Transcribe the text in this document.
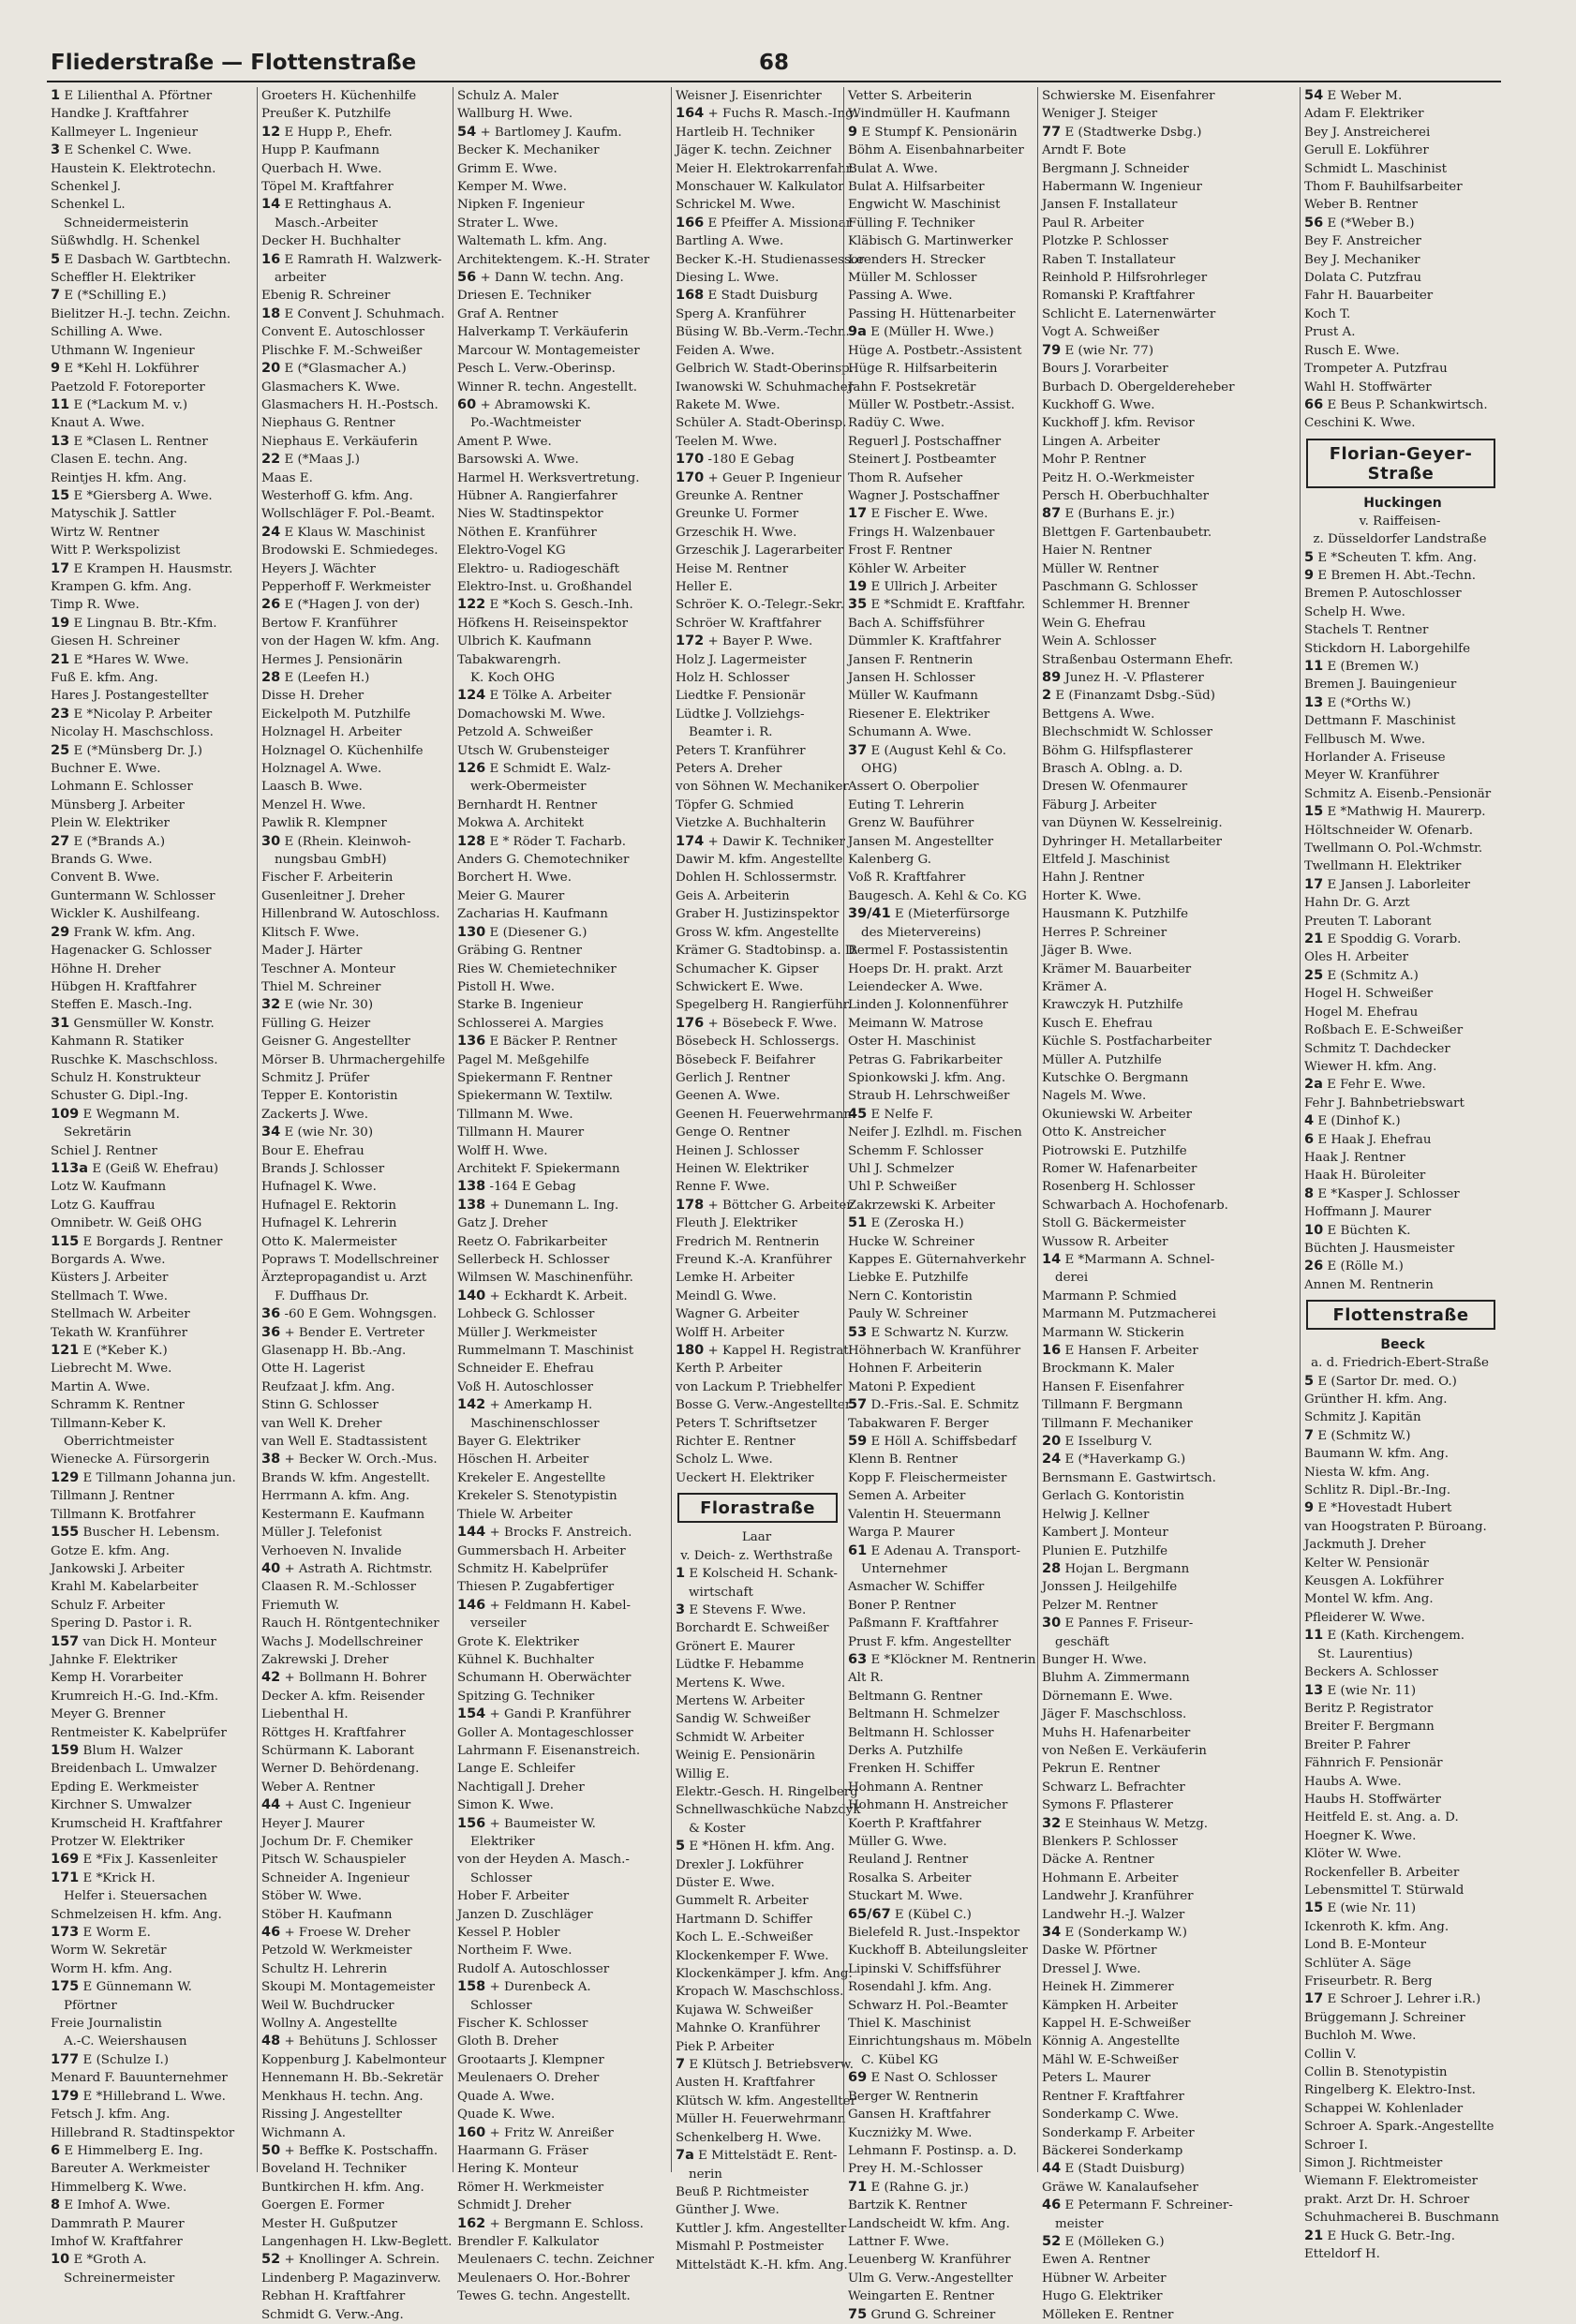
Fliederstraße — Flottenstraße	68
1 E Lilienthal A. Pförtner
Handke J. Kraftfahrer
Kallmeyer L. Ingenieur
3 E Schenkel C. Wwe.
Haustein K. Elektrotechn.
Schenkel J.
Schenkel L.
Schneidermeisterin
Süßwhdlg. H. Schenkel
5 E Dasbach W. Gartbtechn.
Scheffler H. Elektriker
7 E (*Schilling E.)
Bielitzer H.-J. techn. Zeichn.
Schilling A. Wwe.
Uthmann W. Ingenieur
9 E *Kehl H. Lokführer
Paetzold F. Fotoreporter
11 E (*Lackum M. v.)
Knaut A. Wwe.
13 E *Clasen L. Rentner
Clasen E. techn. Ang.
Reintjes H. kfm. Ang.
15 E *Giersberg A. Wwe.
Matyschik J. Sattler
Wirtz W. Rentner
Witt P. Werkspolizist
17 E Krampen H. Hausmstr.
Krampen G. kfm. Ang.
Timp R. Wwe.
19 E Lingnau B. Btr.-Kfm.
Giesen H. Schreiner
21 E *Hares W. Wwe.
Fuß E. kfm. Ang.
Hares J. Postangestellter
23 E *Nicolay P. Arbeiter
Nicolay H. Maschschloss.
25 E (*Münsberg Dr. J.)
Buchner E. Wwe.
Lohmann E. Schlosser
Münsberg J. Arbeiter
Plein W. Elektriker
27 E (*Brands A.)
Brands G. Wwe.
Convent B. Wwe.
Guntermann W. Schlosser
Wickler K. Aushilfeang.
29 Frank W. kfm. Ang.
Hagenacker G. Schlosser
Höhne H. Dreher
Hübgen H. Kraftfahrer
Steffen E. Masch.-Ing.
31 Gensmüller W. Konstr.
Kahmann R. Statiker
Ruschke K. Maschschloss.
Schulz H. Konstrukteur
Schuster G. Dipl.-Ing.
109 E Wegmann M.
Sekretärin
Schiel J. Rentner
113a E (Geiß W. Ehefrau)
Lotz W. Kaufmann
Lotz G. Kauffrau
Omnibetr. W. Geiß OHG
115 E Borgards J. Rentner
Borgards A. Wwe.
Küsters J. Arbeiter
Stellmach T. Wwe.
Stellmach W. Arbeiter
Tekath W. Kranführer
121 E (*Keber K.)
Liebrecht M. Wwe.
Martin A. Wwe.
Schramm K. Rentner
Tillmann-Keber K.
Oberrichtmeister
Wienecke A. Fürsorgerin
129 E Tillmann Johanna jun.
Tillmann J. Rentner
Tillmann K. Brotfahrer
155 Buscher H. Lebensm.
Gotze E. kfm. Ang.
Jankowski J. Arbeiter
Krahl M. Kabelarbeiter
Schulz F. Arbeiter
Spering D. Pastor i. R.
157 van Dick H. Monteur
Jahnke F. Elektriker
Kemp H. Vorarbeiter
Krumreich H.-G. Ind.-Kfm.
Meyer G. Brenner
Rentmeister K. Kabelprüfer
159 Blum H. Walzer
Breidenbach L. Umwalzer
Epding E. Werkmeister
Kirchner S. Umwalzer
Krumscheid H. Kraftfahrer
Protzer W. Elektriker
169 E *Fix J. Kassenleiter
171 E *Krick H.
Helfer i. Steuersachen
Schmelzeisen H. kfm. Ang.
173 E Worm E.
Worm W. Sekretär
Worm H. kfm. Ang.
175 E Günnemann W.
Pförtner
Freie Journalistin
A.-C. Weiershausen
177 E (Schulze I.)
Menard F. Bauunternehmer
179 E *Hillebrand L. Wwe.
Fetsch J. kfm. Ang.
Hillebrand R. Stadtinspektor
6 E Himmelberg E. Ing.
Bareuter A. Werkmeister
Himmelberg K. Wwe.
8 E Imhof A. Wwe.
Dammrath P. Maurer
Imhof W. Kraftfahrer
10 E *Groth A.
Schreinermeister
Groeters H. Küchenhilfe
Preußer K. Putzhilfe
12 E Hupp P., Ehefr.
Hupp P. Kaufmann
Querbach H. Wwe.
Töpel M. Kraftfahrer
14 E Rettinghaus A.
Masch.-Arbeiter
Decker H. Buchhalter
16 E Ramrath H. Walzwerk-
arbeiter
Ebenig R. Schreiner
18 E Convent J. Schuhmach.
Convent E. Autoschlosser
Plischke F. M.-Schweißer
20 E (*Glasmacher A.)
Glasmachers K. Wwe.
Glasmachers H. H.-Postsch.
Niephaus G. Rentner
Niephaus E. Verkäuferin
22 E (*Maas J.)
Maas E.
Westerhoff G. kfm. Ang.
Wollschläger F. Pol.-Beamt.
24 E Klaus W. Maschinist
Brodowski E. Schmiedeges.
Heyers J. Wächter
Pepperhoff F. Werkmeister
26 E (*Hagen J. von der)
Bertow F. Kranführer
von der Hagen W. kfm. Ang.
Hermes J. Pensionärin
28 E (Leefen H.)
Disse H. Dreher
Eickelpoth M. Putzhilfe
Holznagel H. Arbeiter
Holznagel O. Küchenhilfe
Holznagel A. Wwe.
Laasch B. Wwe.
Menzel H. Wwe.
Pawlik R. Klempner
30 E (Rhein. Kleinwoh-
nungsbau GmbH)
Fischer F. Arbeiterin
Gusenleitner J. Dreher
Hillenbrand W. Autoschloss.
Klitsch F. Wwe.
Mader J. Härter
Teschner A. Monteur
Thiel M. Schreiner
32 E (wie Nr. 30)
Fülling G. Heizer
Geisner G. Angestellter
Mörser B. Uhrmachergehilfe
Schmitz J. Prüfer
Tepper E. Kontoristin
Zackerts J. Wwe.
34 E (wie Nr. 30)
Bour E. Ehefrau
Brands J. Schlosser
Hufnagel K. Wwe.
Hufnagel E. Rektorin
Hufnagel K. Lehrerin
Otto K. Malermeister
Popraws T. Modellschreiner
Ärztepropagandist u. Arzt
F. Duffhaus Dr.
36 -60 E Gem. Wohngsgen.
36 + Bender E. Vertreter
Glasenapp H. Bb.-Ang.
Otte H. Lagerist
Reufzaat J. kfm. Ang.
Stinn G. Schlosser
van Well K. Dreher
van Well E. Stadtassistent
38 + Becker W. Orch.-Mus.
Brands W. kfm. Angestellt.
Herrmann A. kfm. Ang.
Kestermann E. Kaufmann
Müller J. Telefonist
Verhoeven N. Invalide
40 + Astrath A. Richtmstr.
Claasen R. M.-Schlosser
Friemuth W.
Rauch H. Röntgentechniker
Wachs J. Modellschreiner
Zakrewski J. Dreher
42 + Bollmann H. Bohrer
Decker A. kfm. Reisender
Liebenthal H.
Röttges H. Kraftfahrer
Schürmann K. Laborant
Werner D. Behördenang.
Weber A. Rentner
44 + Aust C. Ingenieur
Heyer J. Maurer
Jochum Dr. F. Chemiker
Pitsch W. Schauspieler
Schneider A. Ingenieur
Stöber W. Wwe.
Stöber H. Kaufmann
46 + Froese W. Dreher
Petzold W. Werkmeister
Schultz H. Lehrerin
Skoupi M. Montagemeister
Weil W. Buchdrucker
Wollny A. Angestellte
48 + Behütuns J. Schlosser
Koppenburg J. Kabelmonteur
Hennemann H. Bb.-Sekretär
Menkhaus H. techn. Ang.
Rissing J. Angestellter
Wichmann A.
50 + Beffke K. Postschaffn.
Boveland H. Techniker
Buntkirchen H. kfm. Ang.
Goergen E. Former
Mester H. Gußputzer
Langenhagen H. Lkw-Beglett.
52 + Knollinger A. Schrein.
Lindenberg P. Magazinverw.
Rebhan H. Kraftfahrer
Schmidt G. Verw.-Ang.
Schulz A. Maler
Wallburg H. Wwe.
54 + Bartlomey J. Kaufm.
Becker K. Mechaniker
Grimm E. Wwe.
Kemper M. Wwe.
Nipken F. Ingenieur
Strater L. Wwe.
Waltemath L. kfm. Ang.
Architektengem. K.-H. Strater
56 + Dann W. techn. Ang.
Driesen E. Techniker
Graf A. Rentner
Halverkamp T. Verkäuferin
Marcour W. Montagemeister
Pesch L. Verw.-Oberinsp.
Winner R. techn. Angestellt.
60 + Abramowski K.
Po.-Wachtmeister
Ament P. Wwe.
Barsowski A. Wwe.
Harmel H. Werksvertretung.
Hübner A. Rangierfahrer
Nies W. Stadtinspektor
Nöthen E. Kranführer
Elektro-Vogel KG
Elektro- u. Radiogeschäft
Elektro-Inst. u. Großhandel
122 E *Koch S. Gesch.-Inh.
Höfkens H. Reiseinspektor
Ulbrich K. Kaufmann
Tabakwarengrh.
K. Koch OHG
124 E Tölke A. Arbeiter
Domachowski M. Wwe.
Petzold A. Schweißer
Utsch W. Grubensteiger
126 E Schmidt E. Walz-
werk-Obermeister
Bernhardt H. Rentner
Mokwa A. Architekt
128 E * Röder T. Facharb.
Anders G. Chemotechniker
Borchert H. Wwe.
Meier G. Maurer
Zacharias H. Kaufmann
130 E (Diesener G.)
Gräbing G. Rentner
Ries W. Chemietechniker
Pistoll H. Wwe.
Starke B. Ingenieur
Schlosserei A. Margies
136 E Bäcker P. Rentner
Pagel M. Meßgehilfe
Spiekermann F. Rentner
Spiekermann W. Textilw.
Tillmann M. Wwe.
Tillmann H. Maurer
Wolff H. Wwe.
Architekt F. Spiekermann
138 -164 E Gebag
138 + Dunemann L. Ing.
Gatz J. Dreher
Reetz O. Fabrikarbeiter
Sellerbeck H. Schlosser
Wilmsen W. Maschinenführ.
140 + Eckhardt K. Arbeit.
Lohbeck G. Schlosser
Müller J. Werkmeister
Rummelmann T. Maschinist
Schneider E. Ehefrau
Voß H. Autoschlosser
142 + Amerkamp H.
Maschinenschlosser
Bayer G. Elektriker
Höschen H. Arbeiter
Krekeler E. Angestellte
Krekeler S. Stenotypistin
Thiele W. Arbeiter
144 + Brocks F. Anstreich.
Gummersbach H. Arbeiter
Schmitz H. Kabelprüfer
Thiesen P. Zugabfertiger
146 + Feldmann H. Kabel-
verseiler
Grote K. Elektriker
Kühnel K. Buchhalter
Schumann H. Oberwächter
Spitzing G. Techniker
154 + Gandi P. Kranführer
Goller A. Montageschlosser
Lahrmann F. Eisenanstreich.
Lange E. Schleifer
Nachtigall J. Dreher
Simon K. Wwe.
156 + Baumeister W.
Elektriker
von der Heyden A. Masch.-
Schlosser
Hober F. Arbeiter
Janzen D. Zuschläger
Kessel P. Hobler
Northeim F. Wwe.
Rudolf A. Autoschlosser
158 + Durenbeck A.
Schlosser
Fischer K. Schlosser
Gloth B. Dreher
Grootaarts J. Klempner
Meulenaers O. Dreher
Quade A. Wwe.
Quade K. Wwe.
160 + Fritz W. Anreißer
Haarmann G. Fräser
Hering K. Monteur
Römer H. Werkmeister
Schmidt J. Dreher
162 + Bergmann E. Schloss.
Brendler F. Kalkulator
Meulenaers C. techn. Zeichner
Meulenaers O. Hor.-Bohrer
Tewes G. techn. Angestellt.
Weisner J. Eisenrichter
164 + Fuchs R. Masch.-Ing.
Hartleib H. Techniker
Jäger K. techn. Zeichner
Meier H. Elektrokarrenfahr.
Monschauer W. Kalkulator
Schrickel M. Wwe.
166 E Pfeiffer A. Missionar
Bartling A. Wwe.
Becker K.-H. Studienassessor
Diesing L. Wwe.
168 E Stadt Duisburg
Sperg A. Kranführer
Büsing W. Bb.-Verm.-Techn.
Feiden A. Wwe.
Gelbrich W. Stadt-Oberinsp.
Iwanowski W. Schuhmacher
Rakete M. Wwe.
Schüler A. Stadt-Oberinsp.
Teelen M. Wwe.
170 -180 E Gebag
170 + Geuer P. Ingenieur
Greunke A. Rentner
Greunke U. Former
Grzeschik H. Wwe.
Grzeschik J. Lagerarbeiter
Heise M. Rentner
Heller E.
Schröer K. O.-Telegr.-Sekr.
Schröer W. Kraftfahrer
172 + Bayer P. Wwe.
Holz J. Lagermeister
Holz H. Schlosser
Liedtke F. Pensionär
Lüdtke J. Vollziehgs-
Beamter i. R.
Peters T. Kranführer
Peters A. Dreher
von Söhnen W. Mechaniker
Töpfer G. Schmied
Vietzke A. Buchhalterin
174 + Dawir K. Techniker
Dawir M. kfm. Angestellte
Dohlen H. Schlossermstr.
Geis A. Arbeiterin
Graber H. Justizinspektor
Gross W. kfm. Angestellte
Krämer G. Stadtobinsp. a. D.
Schumacher K. Gipser
Schwickert E. Wwe.
Spegelberg H. Rangierführ.
176 + Bösebeck F. Wwe.
Bösebeck H. Schlossergs.
Bösebeck F. Beifahrer
Gerlich J. Rentner
Geenen A. Wwe.
Geenen H. Feuerwehrmann
Genge O. Rentner
Heinen J. Schlosser
Heinen W. Elektriker
Renne F. Wwe.
178 + Böttcher G. Arbeiter
Fleuth J. Elektriker
Fredrich M. Rentnerin
Freund K.-A. Kranführer
Lemke H. Arbeiter
Meindl G. Wwe.
Wagner G. Arbeiter
Wolff H. Arbeiter
180 + Kappel H. Registrat.
Kerth P. Arbeiter
von Lackum P. Triebhelfer
Bosse G. Verw.-Angestellter
Peters T. Schriftsetzer
Richter E. Rentner
Scholz L. Wwe.
Ueckert H. Elektriker
Florastraße
Laar
v. Deich- z. Werthstraße
1 E Kolscheid H. Schank-
wirtschaft
3 E Stevens F. Wwe.
Borchardt E. Schweißer
Grönert E. Maurer
Lüdtke F. Hebamme
Mertens K. Wwe.
Mertens W. Arbeiter
Sandig W. Schweißer
Schmidt W. Arbeiter
Weinig E. Pensionärin
Willig E.
Elektr.-Gesch. H. Ringelberg
Schnellwaschküche Nabzdyk
& Koster
5 E *Hönen H. kfm. Ang.
Drexler J. Lokführer
Düster E. Wwe.
Gummelt R. Arbeiter
Hartmann D. Schiffer
Koch L. E.-Schweißer
Klockenkemper F. Wwe.
Klockenkämper J. kfm. Ang.
Kropach W. Maschschloss.
Kujawa W. Schweißer
Mahnke O. Kranführer
Piek P. Arbeiter
7 E Klütsch J. Betriebsverw.
Austen H. Kraftfahrer
Klütsch W. kfm. Angestellter
Müller H. Feuerwehrmann
Schenkelberg H. Wwe.
7a E Mittelstädt E. Rent-
nerin
Beuß P. Richtmeister
Günther J. Wwe.
Kuttler J. kfm. Angestellter
Mismahl P. Postmeister
Mittelstädt K.-H. kfm. Ang.
Vetter S. Arbeiterin
Windmüller H. Kaufmann
9 E Stumpf K. Pensionärin
Böhm A. Eisenbahnarbeiter
Bulat A. Wwe.
Bulat A. Hilfsarbeiter
Engwicht W. Maschinist
Fülling F. Techniker
Kläbisch G. Martinwerker
Leenders H. Strecker
Müller M. Schlosser
Passing A. Wwe.
Passing H. Hüttenarbeiter
9a E (Müller H. Wwe.)
Hüge A. Postbetr.-Assistent
Hüge R. Hilfsarbeiterin
Jahn F. Postsekretär
Müller W. Postbetr.-Assist.
Radüy C. Wwe.
Reguerl J. Postschaffner
Steinert J. Postbeamter
Thom R. Aufseher
Wagner J. Postschaffner
17 E Fischer E. Wwe.
Frings H. Walzenbauer
Frost F. Rentner
Köhler W. Arbeiter
19 E Ullrich J. Arbeiter
35 E *Schmidt E. Kraftfahr.
Bach A. Schiffsführer
Dümmler K. Kraftfahrer
Jansen F. Rentnerin
Jansen H. Schlosser
Müller W. Kaufmann
Riesener E. Elektriker
Schumann A. Wwe.
37 E (August Kehl & Co.
OHG)
Assert O. Oberpolier
Euting T. Lehrerin
Grenz W. Bauführer
Jansen M. Angestellter
Kalenberg G.
Voß R. Kraftfahrer
Baugesch. A. Kehl & Co. KG
39/41 E (Mieterfürsorge
des Mietervereins)
Bermel F. Postassistentin
Hoeps Dr. H. prakt. Arzt
Leiendecker A. Wwe.
Linden J. Kolonnenführer
Meimann W. Matrose
Oster H. Maschinist
Petras G. Fabrikarbeiter
Spionkowski J. kfm. Ang.
Straub H. Lehrschweißer
45 E Nelfe F.
Neifer J. Ezlhdl. m. Fischen
Schemm F. Schlosser
Uhl J. Schmelzer
Uhl P. Schweißer
Zakrzewski K. Arbeiter
51 E (Zeroska H.)
Hucke W. Schreiner
Kappes E. Güternahverkehr
Liebke E. Putzhilfe
Nern C. Kontoristin
Pauly W. Schreiner
53 E Schwartz N. Kurzw.
Höhnerbach W. Kranführer
Hohnen F. Arbeiterin
Matoni P. Expedient
57 D.-Fris.-Sal. E. Schmitz
Tabakwaren F. Berger
59 E Höll A. Schiffsbedarf
Klenn B. Rentner
Kopp F. Fleischermeister
Semen A. Arbeiter
Valentin H. Steuermann
Warga P. Maurer
61 E Adenau A. Transport-
Unternehmer
Asmacher W. Schiffer
Boner P. Rentner
Paßmann F. Kraftfahrer
Prust F. kfm. Angestellter
63 E *Klöckner M. Rentnerin
Alt R.
Beltmann G. Rentner
Beltmann H. Schmelzer
Beltmann H. Schlosser
Derks A. Putzhilfe
Frenken H. Schiffer
Hohmann A. Rentner
Hohmann H. Anstreicher
Koerth P. Kraftfahrer
Müller G. Wwe.
Reuland J. Rentner
Rosalka S. Arbeiter
Stuckart M. Wwe.
65/67 E (Kübel C.)
Bielefeld R. Just.-Inspektor
Kuckhoff B. Abteilungsleiter
Lipinski V. Schiffsführer
Rosendahl J. kfm. Ang.
Schwarz H. Pol.-Beamter
Thiel K. Maschinist
Einrichtungshaus m. Möbeln
C. Kübel KG
69 E Nast O. Schlosser
Berger W. Rentnerin
Gansen H. Kraftfahrer
Kuczniżky M. Wwe.
Lehmann F. Postinsp. a. D.
Prey H. M.-Schlosser
71 E (Rahne G. jr.)
Bartzik K. Rentner
Landscheidt W. kfm. Ang.
Lattner F. Wwe.
Leuenberg W. Kranführer
Ulm G. Verw.-Angestellter
Weingarten E. Rentner
75 Grund G. Schreiner
Schwierske M. Eisenfahrer
Weniger J. Steiger
77 E (Stadtwerke Dsbg.)
Arndt F. Bote
Bergmann J. Schneider
Habermann W. Ingenieur
Jansen F. Installateur
Paul R. Arbeiter
Plotzke P. Schlosser
Raben T. Installateur
Reinhold P. Hilfsrohrleger
Romanski P. Kraftfahrer
Schlicht E. Laternenwärter
Vogt A. Schweißer
79 E (wie Nr. 77)
Bours J. Vorarbeiter
Burbach D. Obergeldereheber
Kuckhoff G. Wwe.
Kuckhoff J. kfm. Revisor
Lingen A. Arbeiter
Mohr P. Rentner
Peitz H. O.-Werkmeister
Persch H. Oberbuchhalter
87 E (Burhans E. jr.)
Blettgen F. Gartenbaubetr.
Haier N. Rentner
Müller W. Rentner
Paschmann G. Schlosser
Schlemmer H. Brenner
Wein G. Ehefrau
Wein A. Schlosser
Straßenbau Ostermann Ehefr.
89 Junez H. -V. Pflasterer
2 E (Finanzamt Dsbg.-Süd)
Bettgens A. Wwe.
Blechschmidt W. Schlosser
Böhm G. Hilfspflasterer
Brasch A. Oblng. a. D.
Dresen W. Ofenmaurer
Fäburg J. Arbeiter
van Düynen W. Kesselreinig.
Dyhringer H. Metallarbeiter
Eltfeld J. Maschinist
Hahn J. Rentner
Horter K. Wwe.
Hausmann K. Putzhilfe
Herres P. Schreiner
Jäger B. Wwe.
Krämer M. Bauarbeiter
Krämer A.
Krawczyk H. Putzhilfe
Kusch E. Ehefrau
Küchle S. Postfacharbeiter
Müller A. Putzhilfe
Kutschke O. Bergmann
Nagels M. Wwe.
Okuniewski W. Arbeiter
Otto K. Anstreicher
Piotrowski E. Putzhilfe
Romer W. Hafenarbeiter
Rosenberg H. Schlosser
Schwarbach A. Hochofenarb.
Stoll G. Bäckermeister
Wussow R. Arbeiter
14 E *Marmann A. Schnel-
derei
Marmann P. Schmied
Marmann M. Putzmacherei
Marmann W. Stickerin
16 E Hansen F. Arbeiter
Brockmann K. Maler
Hansen F. Eisenfahrer
Tillmann F. Bergmann
Tillmann F. Mechaniker
20 E Isselburg V.
24 E (*Haverkamp G.)
Bernsmann E. Gastwirtsch.
Gerlach G. Kontoristin
Helwig J. Kellner
Kambert J. Monteur
Plunien E. Putzhilfe
28 Hojan L. Bergmann
Jonssen J. Heilgehilfe
Pelzer M. Rentner
30 E Pannes F. Friseur-
geschäft
Bunger H. Wwe.
Bluhm A. Zimmermann
Dörnemann E. Wwe.
Jäger F. Maschschloss.
Muhs H. Hafenarbeiter
von Neßen E. Verkäuferin
Pekrun E. Rentner
Schwarz L. Befrachter
Symons F. Pflasterer
32 E Steinhaus W. Metzg.
Blenkers P. Schlosser
Däcke A. Rentner
Hohmann E. Arbeiter
Landwehr J. Kranführer
Landwehr H.-J. Walzer
34 E (Sonderkamp W.)
Daske W. Pförtner
Dressel J. Wwe.
Heinek H. Zimmerer
Kämpken H. Arbeiter
Kappel H. E-Schweißer
Könnig A. Angestellte
Mähl W. E-Schweißer
Peters L. Maurer
Rentner F. Kraftfahrer
Sonderkamp C. Wwe.
Sonderkamp F. Arbeiter
Bäckerei Sonderkamp
44 E (Stadt Duisburg)
Gräwe W. Kanalaufseher
46 E Petermann F. Schreiner-
meister
52 E (Mölleken G.)
Ewen A. Rentner
Hübner W. Arbeiter
Hugo G. Elektriker
Mölleken E. Rentner
54 E Weber M.
Adam F. Elektriker
Bey J. Anstreicherei
Gerull E. Lokführer
Schmidt L. Maschinist
Thom F. Bauhilfsarbeiter
Weber B. Rentner
56 E (*Weber B.)
Bey F. Anstreicher
Bey J. Mechaniker
Dolata C. Putzfrau
Fahr H. Bauarbeiter
Koch T.
Prust A.
Rusch E. Wwe.
Trompeter A. Putzfrau
Wahl H. Stoffwärter
66 E Beus P. Schankwirtsch.
Ceschini K. Wwe.
Florian-Geyer-Straße
Huckingen
v. Raiffeisen-
z. Düsseldorfer Landstraße
5 E *Scheuten T. kfm. Ang.
9 E Bremen H. Abt.-Techn.
Bremen P. Autoschlosser
Schelp H. Wwe.
Stachels T. Rentner
Stickdorn H. Laborgehilfe
11 E (Bremen W.)
Bremen J. Bauingenieur
13 E (*Orths W.)
Dettmann F. Maschinist
Fellbusch M. Wwe.
Horlander A. Friseuse
Meyer W. Kranführer
Schmitz A. Eisenb.-Pensionär
15 E *Mathwig H. Maurerp.
Höltschneider W. Ofenarb.
Twellmann O. Pol.-Wchmstr.
Twellmann H. Elektriker
17 E Jansen J. Laborleiter
Hahn Dr. G. Arzt
Preuten T. Laborant
21 E Spoddig G. Vorarb.
Oles H. Arbeiter
25 E (Schmitz A.)
Hogel H. Schweißer
Hogel M. Ehefrau
Roßbach E. E-Schweißer
Schmitz T. Dachdecker
Wiewer H. kfm. Ang.
2a E Fehr E. Wwe.
Fehr J. Bahnbetriebswart
4 E (Dinhof K.)
6 E Haak J. Ehefrau
Haak J. Rentner
Haak H. Büroleiter
8 E *Kasper J. Schlosser
Hoffmann J. Maurer
10 E Büchten K.
Büchten J. Hausmeister
26 E (Rölle M.)
Annen M. Rentnerin
Flottenstraße
Beeck
a. d. Friedrich-Ebert-Straße
5 E (Sartor Dr. med. O.)
Grünther H. kfm. Ang.
Schmitz J. Kapitän
7 E (Schmitz W.)
Baumann W. kfm. Ang.
Niesta W. kfm. Ang.
Schlitz R. Dipl.-Br.-Ing.
9 E *Hovestadt Hubert
van Hoogstraten P. Büroang.
Jackmuth J. Dreher
Kelter W. Pensionär
Keusgen A. Lokführer
Montel W. kfm. Ang.
Pfleiderer W. Wwe.
11 E (Kath. Kirchengem.
St. Laurentius)
Beckers A. Schlosser
13 E (wie Nr. 11)
Beritz P. Registrator
Breiter F. Bergmann
Breiter P. Fahrer
Fähnrich F. Pensionär
Haubs A. Wwe.
Haubs H. Stoffwärter
Heitfeld E. st. Ang. a. D.
Hoegner K. Wwe.
Klöter W. Wwe.
Rockenfeller B. Arbeiter
Lebensmittel T. Stürwald
15 E (wie Nr. 11)
Ickenroth K. kfm. Ang.
Lond B. E-Monteur
Schlüter A. Säge
Friseurbetr. R. Berg
17 E Schroer J. Lehrer i.R.)
Brüggemann J. Schreiner
Buchloh M. Wwe.
Collin V.
Collin B. Stenotypistin
Ringelberg K. Elektro-Inst.
Schappei W. Kohlenlader
Schroer A. Spark.-Angestellte
Schroer I.
Simon J. Richtmeister
Wiemann F. Elektromeister
prakt. Arzt Dr. H. Schroer
Schuhmacherei B. Buschmann
21 E Huck G. Betr.-Ing.
Etteldorf H.
